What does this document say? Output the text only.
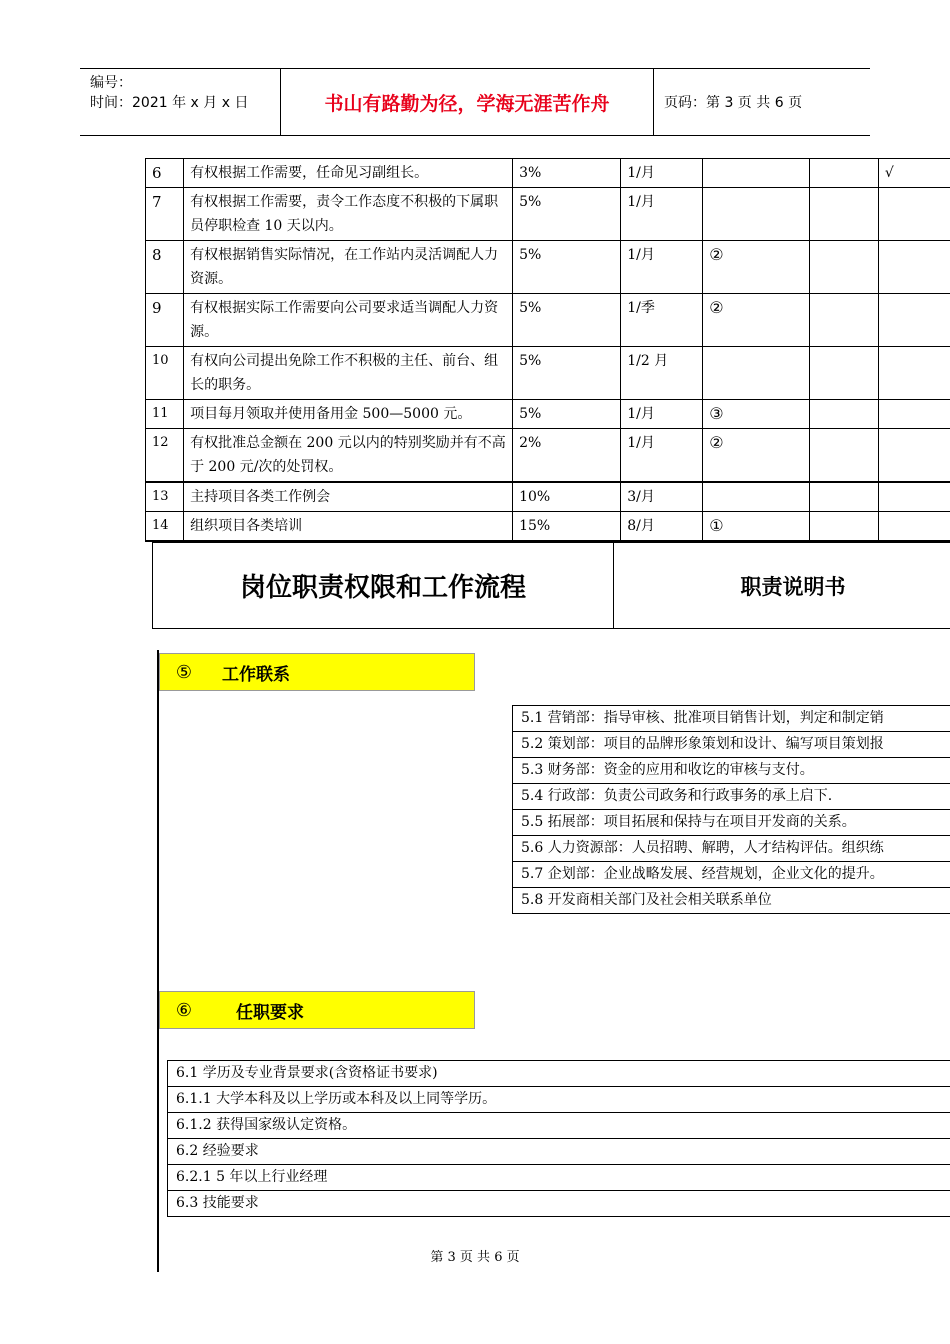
编号：
时间：2021 年 x 月 x 日	书山有路勤为径，学海无涯苦作舟	页码：第 3 页 共 6 页
6	有权根据工作需要，任命见习副组长。	3%	1/月			√
7	有权根据工作需要，责令工作态度不积极的下属职员停职检查 10 天以内。	5%	1/月			
8	有权根据销售实际情况，在工作站内灵活调配人力资源。	5%	1/月	②		
9	有权根据实际工作需要向公司要求适当调配人力资源。	5%	1/季	②		
10	有权向公司提出免除工作不积极的主任、前台、组长的职务。	5%	1/2 月			
11	项目每月领取并使用备用金 500—5000 元。	5%	1/月	③		
12	有权批准总金额在 200 元以内的特别奖励并有不高于 200 元/次的处罚权。	2%	1/月	②		
13	主持项目各类工作例会	10%	3/月			
14	组织项目各类培训	15%	8/月	①		
岗位职责权限和工作流程	职责说明书
⑤	工作联系
5.1 营销部：指导审核、批准项目销售计划，判定和制定销
5.2 策划部：项目的品牌形象策划和设计、编写项目策划报
5.3 财务部：资金的应用和收讫的审核与支付。
5.4 行政部：负责公司政务和行政事务的承上启下.
5.5 拓展部：项目拓展和保持与在项目开发商的关系。
5.6 人力资源部：人员招聘、解聘，人才结构评估。组织练
5.7 企划部：企业战略发展、经营规划，企业文化的提升。
5.8 开发商相关部门及社会相关联系单位
⑥	任职要求
6.1 学历及专业背景要求(含资格证书要求)
6.1.1 大学本科及以上学历或本科及以上同等学历。
6.1.2 获得国家级认定资格。
6.2 经验要求
6.2.1 5 年以上行业经理
6.3 技能要求
第 3 页 共 6 页
